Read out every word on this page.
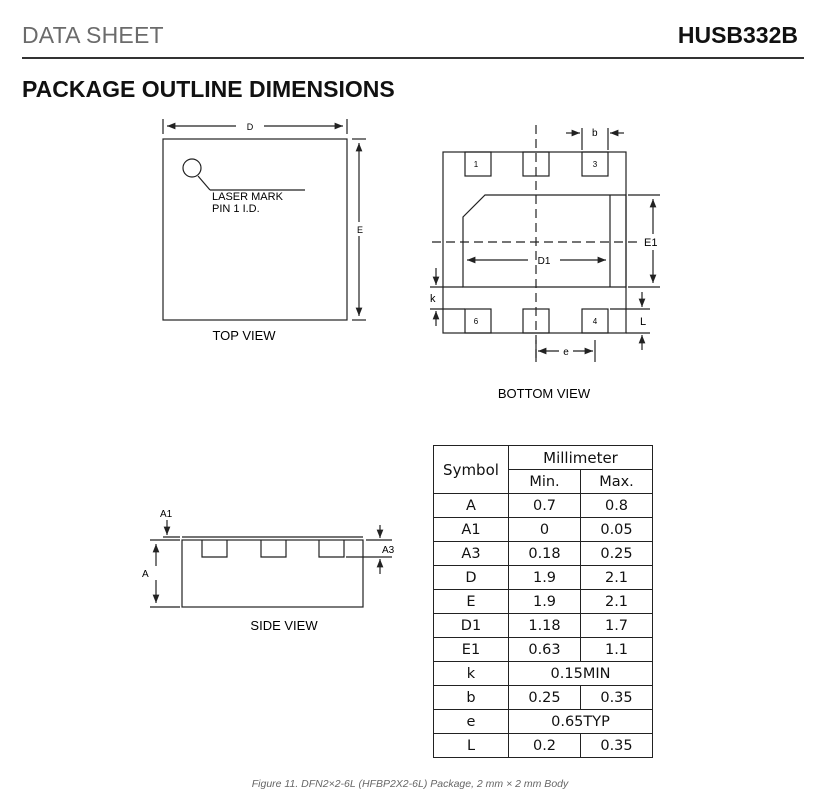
DATA SHEET	HUSB332B
PACKAGE OUTLINE DIMENSIONS
D
E
LASER MARK
PIN 1 I.D.
TOP VIEW
1	3
6	4
b
E1
D1
k
L
e
BOTTOM VIEW
A1
A
A3
SIDE VIEW
Symbol	Millimeter	
	Min.	Max.
A	0.7	0.8
A1	0	0.05
A3	0.18	0.25
D	1.9	2.1
E	1.9	2.1
D1	1.18	1.7
E1	0.63	1.1
k	0.15MIN	
b	0.25	0.35
e	0.65TYP	
L	0.2	0.35
Figure 11. DFN2×2-6L (HFBP2X2-6L) Package, 2 mm × 2 mm Body
